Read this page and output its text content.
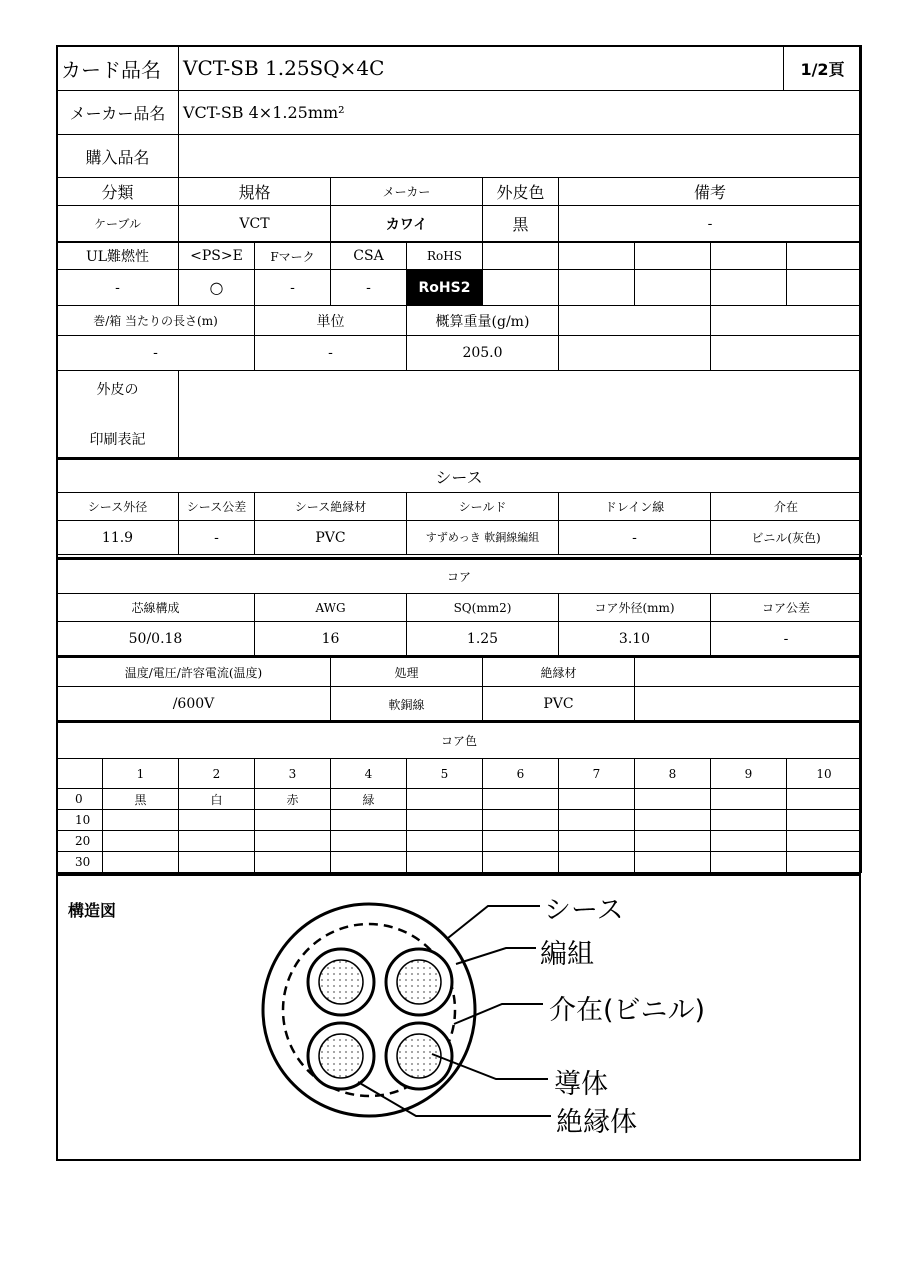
カード品名	VCT-SB 1.25SQ×4C	1/2頁
メーカー品名	VCT-SB 4×1.25mm²
購入品名	
分類	規格	メーカー	外皮色	備考
ケーブル	VCT	カワイ	黒	-
UL難燃性	<PS>E	Fマーク	CSA	RoHS					
-	○	-	-	RoHS2					
巻/箱 当たりの長さ(m)	単位	概算重量(g/m)		
-	-	205.0		
外皮の
印刷表記

シース					
シース外径	シース公差	シース絶縁材	シールド	ドレイン線	介在
11.9	-	PVC	すずめっき 軟銅線編組	-	ビニル(灰色)
コア				
芯線構成	AWG	SQ(mm2)	コア外径(mm)	コア公差
50/0.18	16	1.25	3.10	-
温度/電圧/許容電流(温度)	処理	絶縁材	
/600V	軟銅線	PVC	
コア色										
	1	2	3	4	5	6	7	8	9	10
0	黒	白	赤	緑						
10										
20										
30										
構造図	シース
編組
介在(ビニル)
導体
絶縁体
